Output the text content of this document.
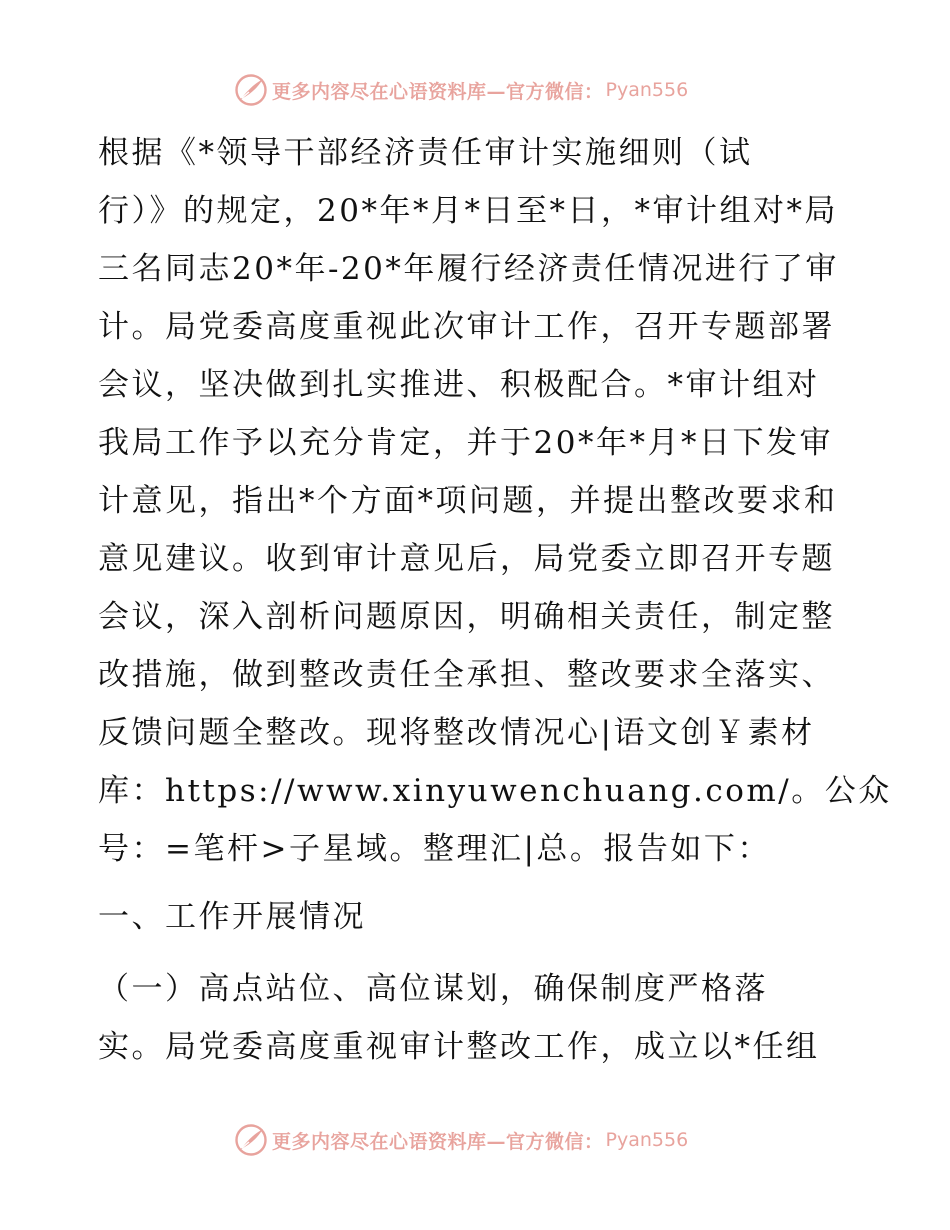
更多内容尽在心语资料库—官方微信： Pyan556
根据《*领导干部经济责任审计实施细则（试
行）》的规定，20*年*月*日至*日，*审计组对*局
三名同志20*年-20*年履行经济责任情况进行了审
计。局党委高度重视此次审计工作，召开专题部署
会议，坚决做到扎实推进、积极配合。*审计组对
我局工作予以充分肯定，并于20*年*月*日下发审
计意见，指出*个方面*项问题，并提出整改要求和
意见建议。收到审计意见后，局党委立即召开专题
会议，深入剖析问题原因，明确相关责任，制定整
改措施，做到整改责任全承担、整改要求全落实、
反馈问题全整改。现将整改情况心|语文创￥素材
库：https://www.xinyuwenchuang.com/。公众
号：=笔杆>子星域。整理汇|总。报告如下：
一、工作开展情况
（一）高点站位、高位谋划，确保制度严格落
实。局党委高度重视审计整改工作，成立以*任组
更多内容尽在心语资料库—官方微信： Pyan556
